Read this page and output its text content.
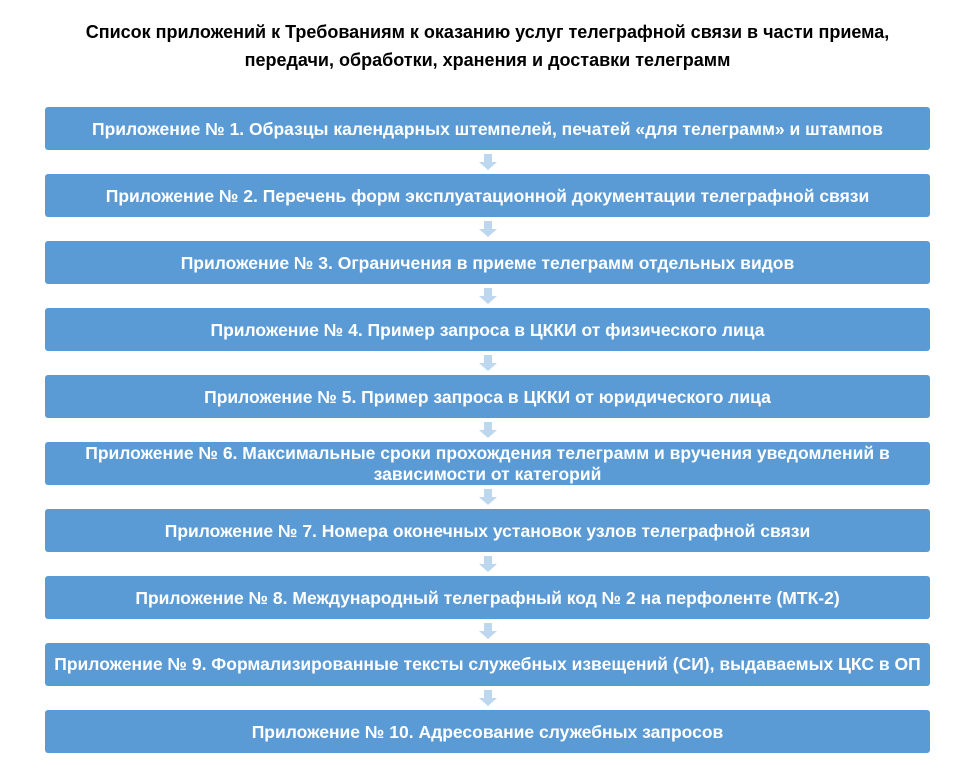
Список приложений к Требованиям к оказанию услуг телеграфной связи в части приема,
передачи, обработки, хранения и доставки телеграмм
Приложение № 1. Образцы календарных штемпелей, печатей «для телеграмм» и штампов
Приложение № 2. Перечень форм эксплуатационной документации телеграфной связи
Приложение № 3. Ограничения в приеме телеграмм отдельных видов
Приложение № 4. Пример запроса в ЦККИ от физического лица
Приложение № 5. Пример запроса в ЦККИ от юридического лица
Приложение № 6. Максимальные сроки прохождения телеграмм и вручения уведомлений в зависимости от категорий
Приложение № 7. Номера оконечных установок узлов телеграфной связи
Приложение № 8. Международный телеграфный код № 2 на перфоленте (МТК-2)
Приложение № 9. Формализированные тексты служебных извещений (СИ), выдаваемых ЦКС в ОП
Приложение № 10. Адресование служебных запросов
